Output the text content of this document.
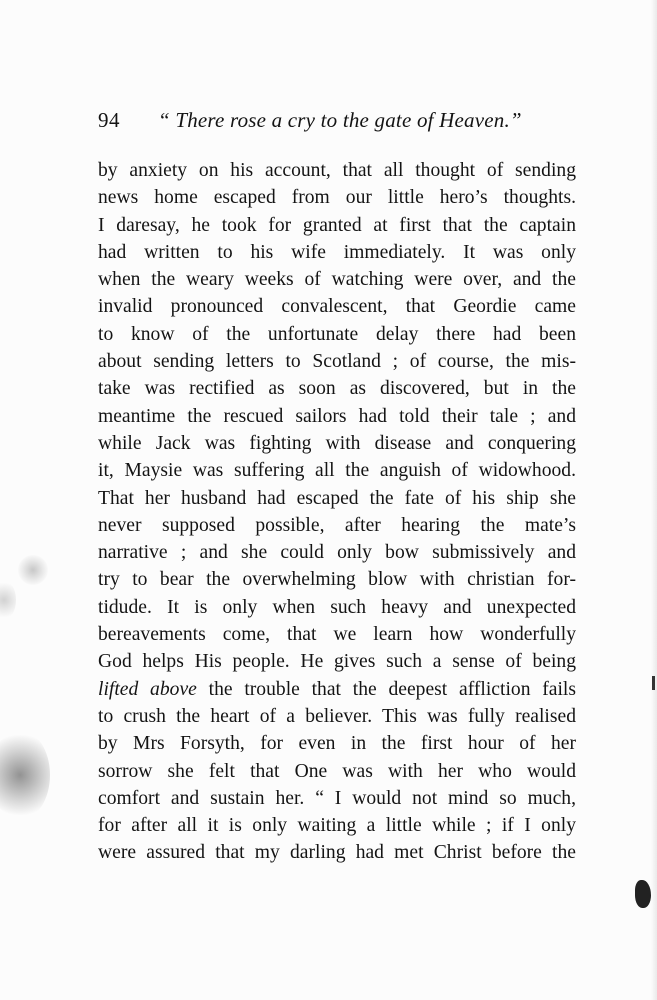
94 “ There rose a cry to the gate of Heaven.”
by anxiety on his account, that all thought of sending
news home escaped from our little hero’s thoughts.
I daresay, he took for granted at first that the captain
had written to his wife immediately. It was only
when the weary weeks of watching were over, and the
invalid pronounced convalescent, that Geordie came
to know of the unfortunate delay there had been
about sending letters to Scotland ; of course, the mis-
take was rectified as soon as discovered, but in the
meantime the rescued sailors had told their tale ; and
while Jack was fighting with disease and conquering
it, Maysie was suffering all the anguish of widowhood.
That her husband had escaped the fate of his ship she
never supposed possible, after hearing the mate’s
narrative ; and she could only bow submissively and
try to bear the overwhelming blow with christian for-
tidude. It is only when such heavy and unexpected
bereavements come, that we learn how wonderfully
God helps His people. He gives such a sense of being
lifted above the trouble that the deepest affliction fails
to crush the heart of a believer. This was fully realised
by Mrs Forsyth, for even in the first hour of her
sorrow she felt that One was with her who would
comfort and sustain her. “ I would not mind so much,
for after all it is only waiting a little while ; if I only
were assured that my darling had met Christ before the
